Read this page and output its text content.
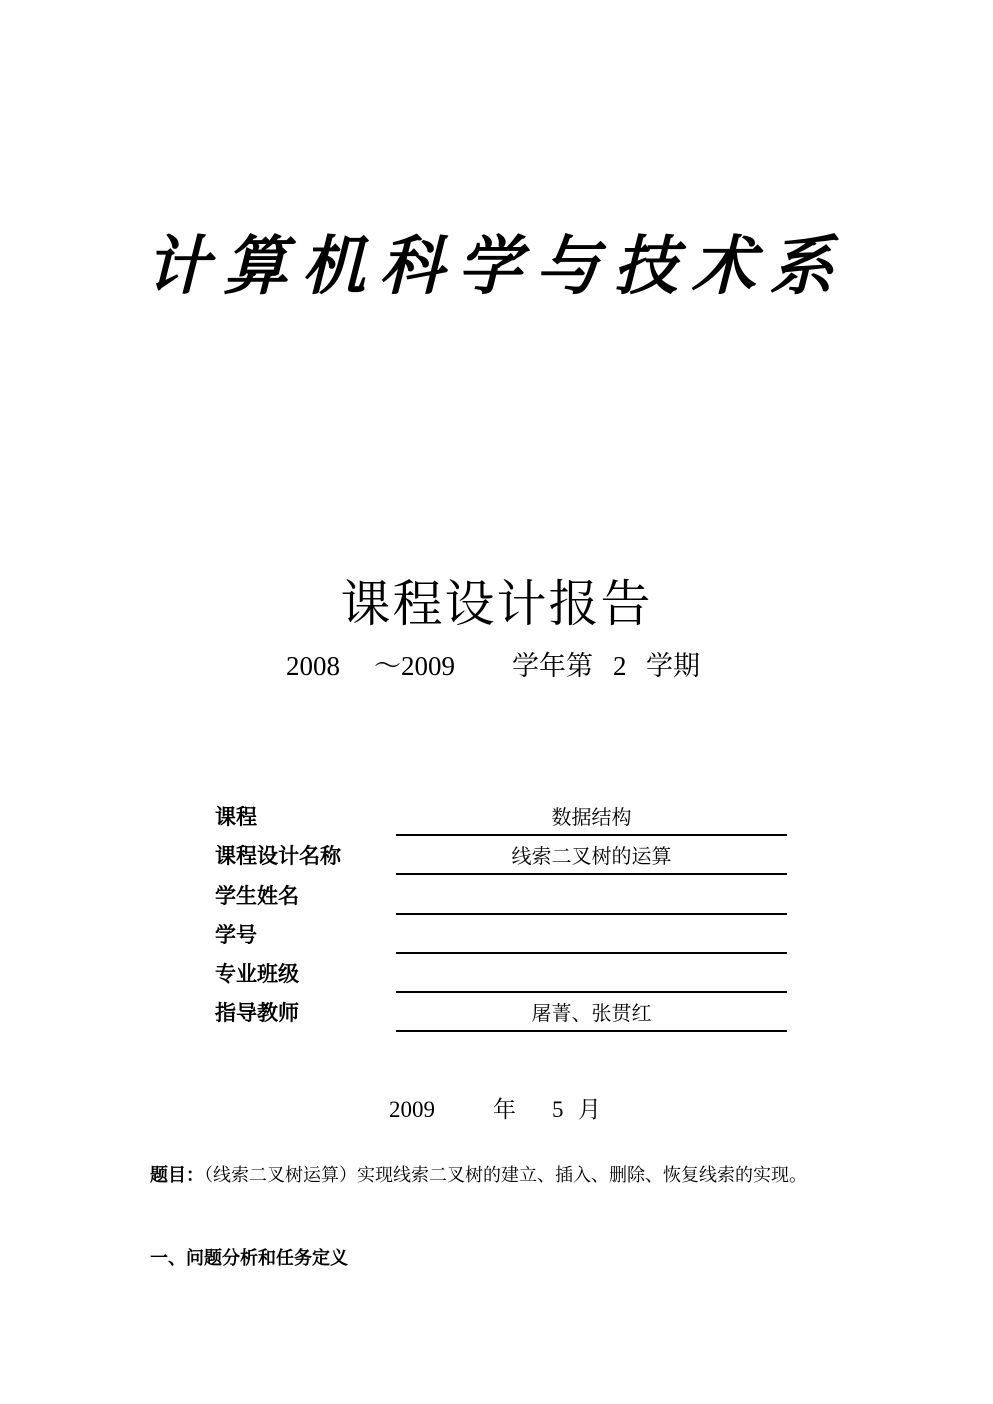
计算机科学与技术系
课程设计报告
2008 ～2009 学年第 2 学期
课程	数据结构
课程设计名称	线索二叉树的运算
学生姓名
学号
专业班级
指导教师	屠菁、张贯红
2009	年 5 月
题目：（线索二叉树运算）实现线索二叉树的建立、插入、删除、恢复线索的实现。
一、问题分析和任务定义
